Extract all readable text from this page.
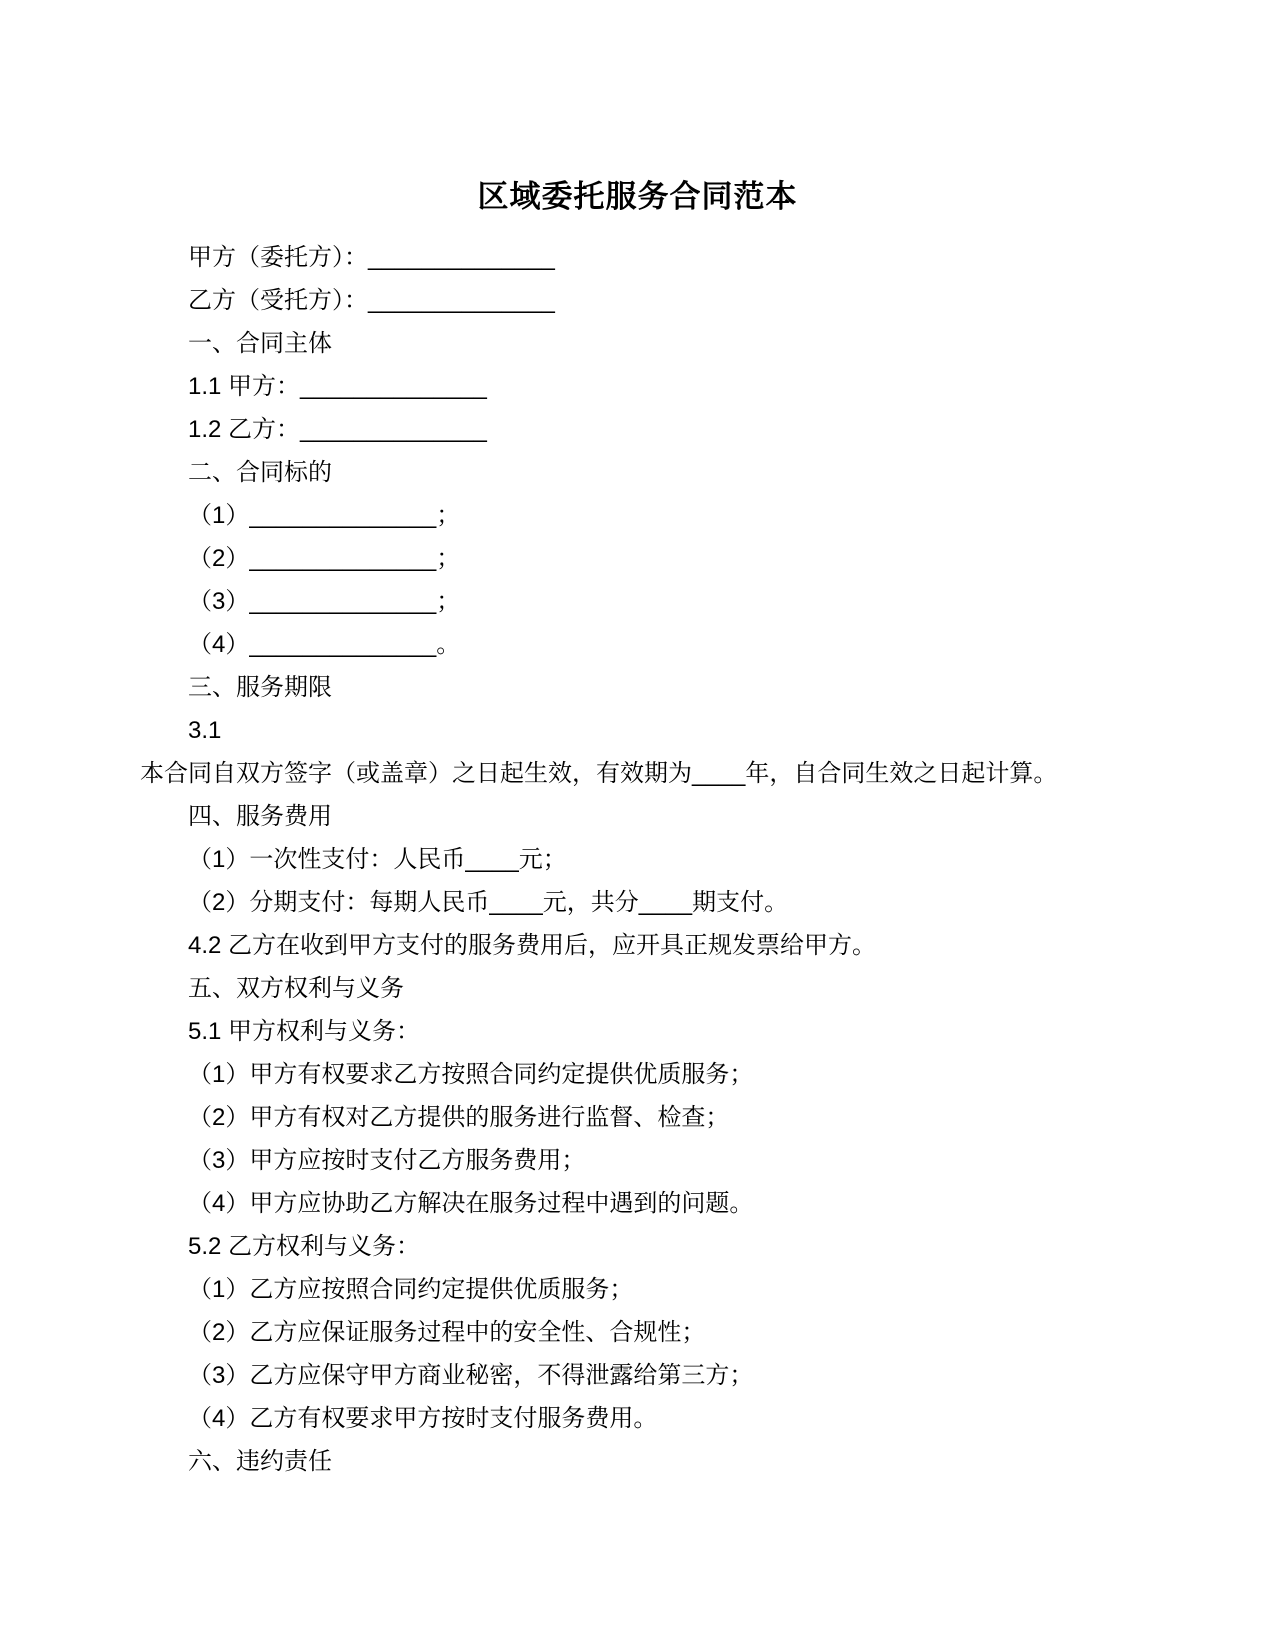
区域委托服务合同范本
甲方（委托方）：______________
乙方（受托方）：______________
一、合同主体
1.1 甲方：______________
1.2 乙方：______________
二、合同标的
（1）______________；
（2）______________；
（3）______________；
（4）______________。
三、服务期限
3.1
本合同自双方签字（或盖章）之日起生效，有效期为____年，自合同生效之日起计算。
四、服务费用
（1）一次性支付：人民币____元；
（2）分期支付：每期人民币____元，共分____期支付。
4.2 乙方在收到甲方支付的服务费用后，应开具正规发票给甲方。
五、双方权利与义务
5.1 甲方权利与义务：
（1）甲方有权要求乙方按照合同约定提供优质服务；
（2）甲方有权对乙方提供的服务进行监督、检查；
（3）甲方应按时支付乙方服务费用；
（4）甲方应协助乙方解决在服务过程中遇到的问题。
5.2 乙方权利与义务：
（1）乙方应按照合同约定提供优质服务；
（2）乙方应保证服务过程中的安全性、合规性；
（3）乙方应保守甲方商业秘密，不得泄露给第三方；
（4）乙方有权要求甲方按时支付服务费用。
六、违约责任
